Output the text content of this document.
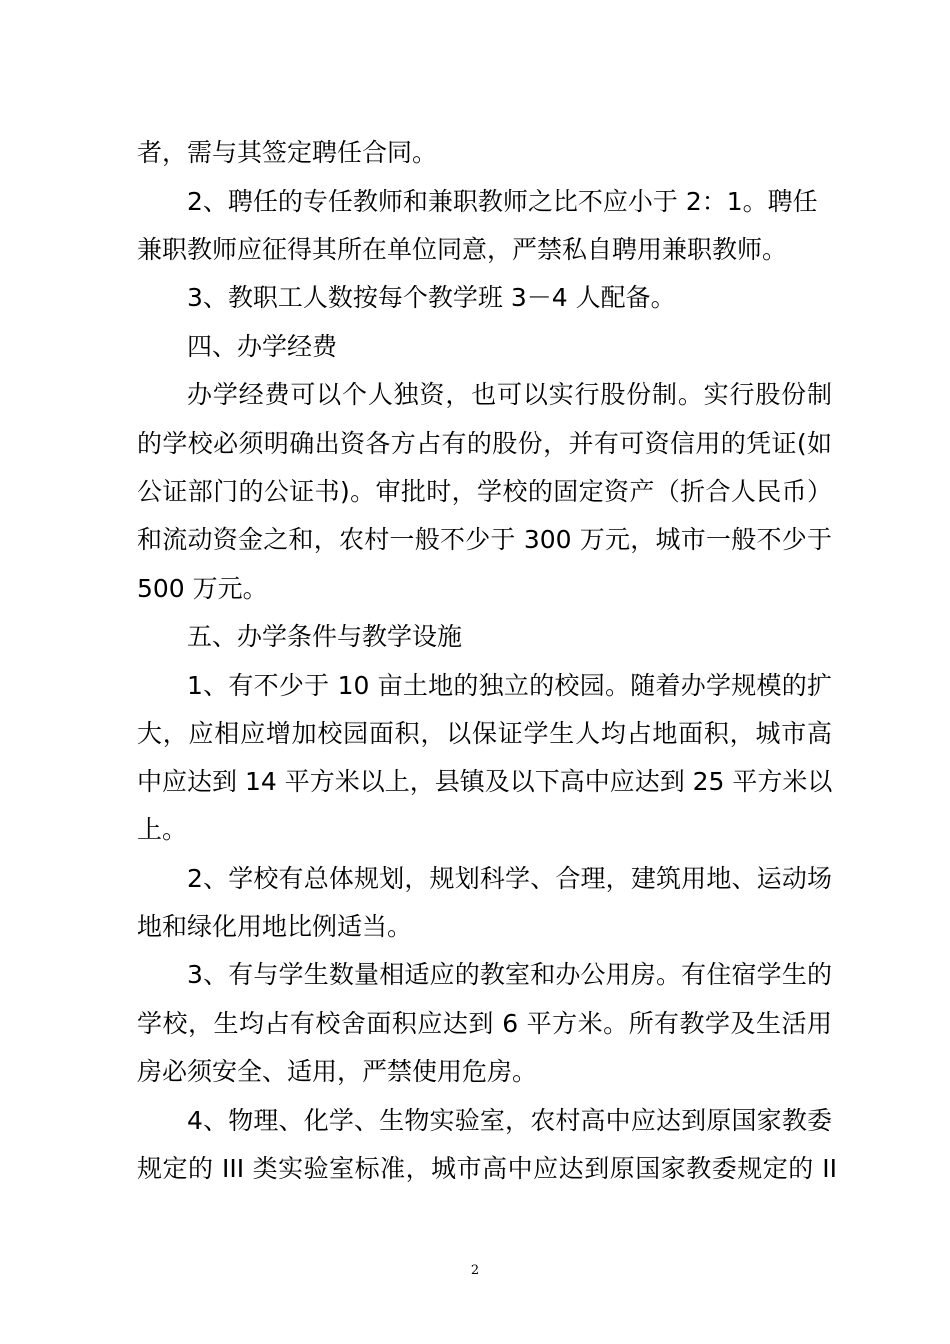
者，需与其签定聘任合同。
2、聘任的专任教师和兼职教师之比不应小于 2：1。聘任
兼职教师应征得其所在单位同意，严禁私自聘用兼职教师。
3、教职工人数按每个教学班 3－4 人配备。
四、办学经费
办学经费可以个人独资，也可以实行股份制。实行股份制
的学校必须明确出资各方占有的股份，并有可资信用的凭证(如
公证部门的公证书)。审批时，学校的固定资产（折合人民币）
和流动资金之和，农村一般不少于 300 万元，城市一般不少于
500 万元。
五、办学条件与教学设施
1、有不少于 10 亩土地的独立的校园。随着办学规模的扩
大，应相应增加校园面积，以保证学生人均占地面积，城市高
中应达到 14 平方米以上，县镇及以下高中应达到 25 平方米以
上。
2、学校有总体规划，规划科学、合理，建筑用地、运动场
地和绿化用地比例适当。
3、有与学生数量相适应的教室和办公用房。有住宿学生的
学校，生均占有校舍面积应达到 6 平方米。所有教学及生活用
房必须安全、适用，严禁使用危房。
4、物理、化学、生物实验室，农村高中应达到原国家教委
规定的 III 类实验室标准，城市高中应达到原国家教委规定的 II
2
